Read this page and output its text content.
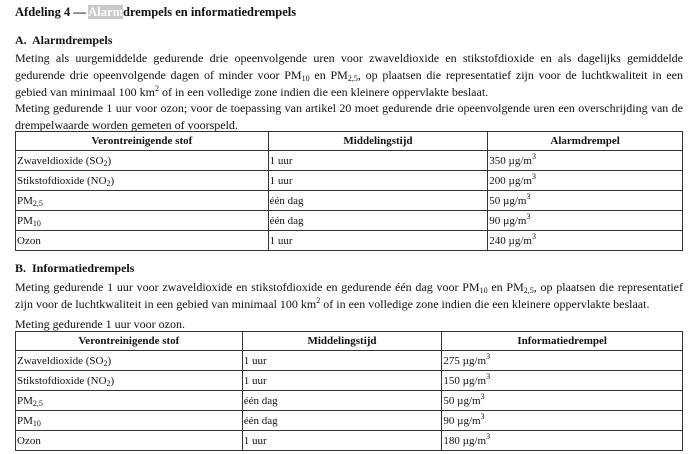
Afdeling 4 — Alarmdrempels en informatiedrempels
A. Alarmdrempels
Meting als uurgemiddelde gedurende drie opeenvolgende uren voor zwaveldioxide en stikstofdioxide en als dagelijks gemiddelde gedurende drie opeenvolgende dagen of minder voor $PM_{10}$ en $PM_{2,5}$, op plaatsen die representatief zijn voor de luchtkwaliteit in een gebied van minimaal 100 $km^2$ of in een volledige zone indien die een kleinere oppervlakte beslaat.
Meting gedurende 1 uur voor ozon; voor de toepassing van artikel 20 moet gedurende drie opeenvolgende uren een overschrijding van de drempelwaarde worden gemeten of voorspeld.
Verontreinigende stof	Middelingstijd	Alarmdrempel
Zwaveldioxide $(SO_2)$	1 uur	350 $\mu g/m^3$
Stikstofdioxide $(NO_2)$	1 uur	200 $\mu g/m^3$
$PM_{2,5}$	één dag	50 $\mu g/m^3$
$PM_{10}$	één dag	90 $\mu g/m^3$
Ozon	1 uur	240 $\mu g/m^3$
B. Informatiedrempels
Meting gedurende 1 uur voor zwaveldioxide en stikstofdioxide en gedurende één dag voor $PM_{10}$ en $PM_{2,5}$, op plaatsen die representatief zijn voor de luchtkwaliteit in een gebied van minimaal 100 $km^2$ of in een volledige zone indien die een kleinere oppervlakte beslaat.
Meting gedurende 1 uur voor ozon.
Verontreinigende stof	Middelingstijd	Informatiedrempel
Zwaveldioxide $(SO_2)$	1 uur	275 $\mu g/m^3$
Stikstofdioxide $(NO_2)$	1 uur	150 $\mu g/m^3$
$PM_{2,5}$	één dag	50 $\mu g/m^3$
$PM_{10}$	één dag	90 $\mu g/m^3$
Ozon	1 uur	180 $\mu g/m^3$
